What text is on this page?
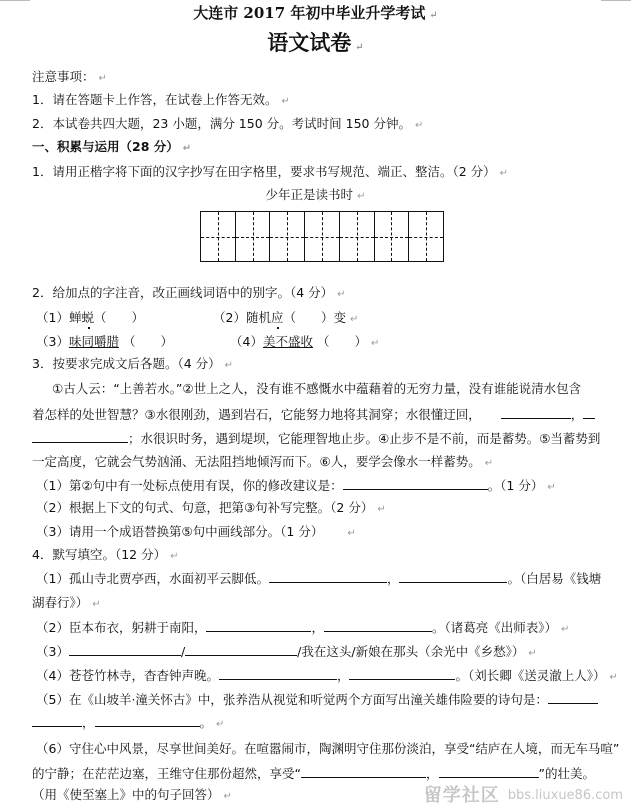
大连市 2017 年初中毕业升学考试 ↵
语文试卷 ↵
注意事项： ↵
1．请在答题卡上作答，在试卷上作答无效。 ↵
2．本试卷共四大题，23 小题，满分 150 分。考试时间 150 分钟。 ↵
一、积累与运用（28 分） ↵
1．请用正楷字将下面的汉字抄写在田字格里，要求书写规范、端正、整洁。（2 分） ↵
少年正是读书时 ↵
2．给加点的字注音，改正画线词语中的别字。（4 分） ↵
（1）蝉蜕（　　）	（2）随机应（　　）变 ↵
（3）味同嚼腊 （　　）	（4）美不盛收 （　　） ↵
3．按要求完成文后各题。（4 分） ↵
①古人云：“上善若水。”②世上之人，没有谁不感慨水中蕴藉着的无穷力量，没有谁能说清水包含
着怎样的处世智慧？③水很刚劲，遇到岩石，它能努力地将其洞穿；水很懂迂回，	，
；水很识时务，遇到堤坝，它能理智地止步。④止步不是不前，而是蓄势。⑤当蓄势到
一定高度，它就会气势汹涌、无法阻挡地倾泻而下。⑥人，要学会像水一样蓄势。 ↵
（1）第②句中有一处标点使用有误，你的修改建议是：	。（1 分） ↵
（2）根据上下文的句式、句意，把第③句补写完整。（2 分） ↵
（3）请用一个成语替换第⑤句中画线部分。（1 分） ↵
4．默写填空。（12 分） ↵
（1）孤山寺北贾亭西，水面初平云脚低。	，	。（白居易《钱塘
湖春行》） ↵
（2）臣本布衣，躬耕于南阳，	，	。（诸葛亮《出师表》） ↵
（3）	/	/我在这头/新娘在那头（余光中《乡愁》） ↵
（4）苍苍竹林寺，杳杳钟声晚。	，	。（刘长卿《送灵澈上人》） ↵
（5）在《山坡羊·潼关怀古》中，张养浩从视觉和听觉两个方面写出潼关雄伟险要的诗句是：
，	。 ↵
（6）守住心中风景，尽享世间美好。在喧嚣闹市，陶渊明守住那份淡泊，享受“结庐在人境，而无车马喧”
的宁静；在茫茫边塞，王维守住那份超然，享受“	，	”的壮美。
（用《使至塞上》中的句子回答） ↵	留学社区 bbs.liuxue86.com
